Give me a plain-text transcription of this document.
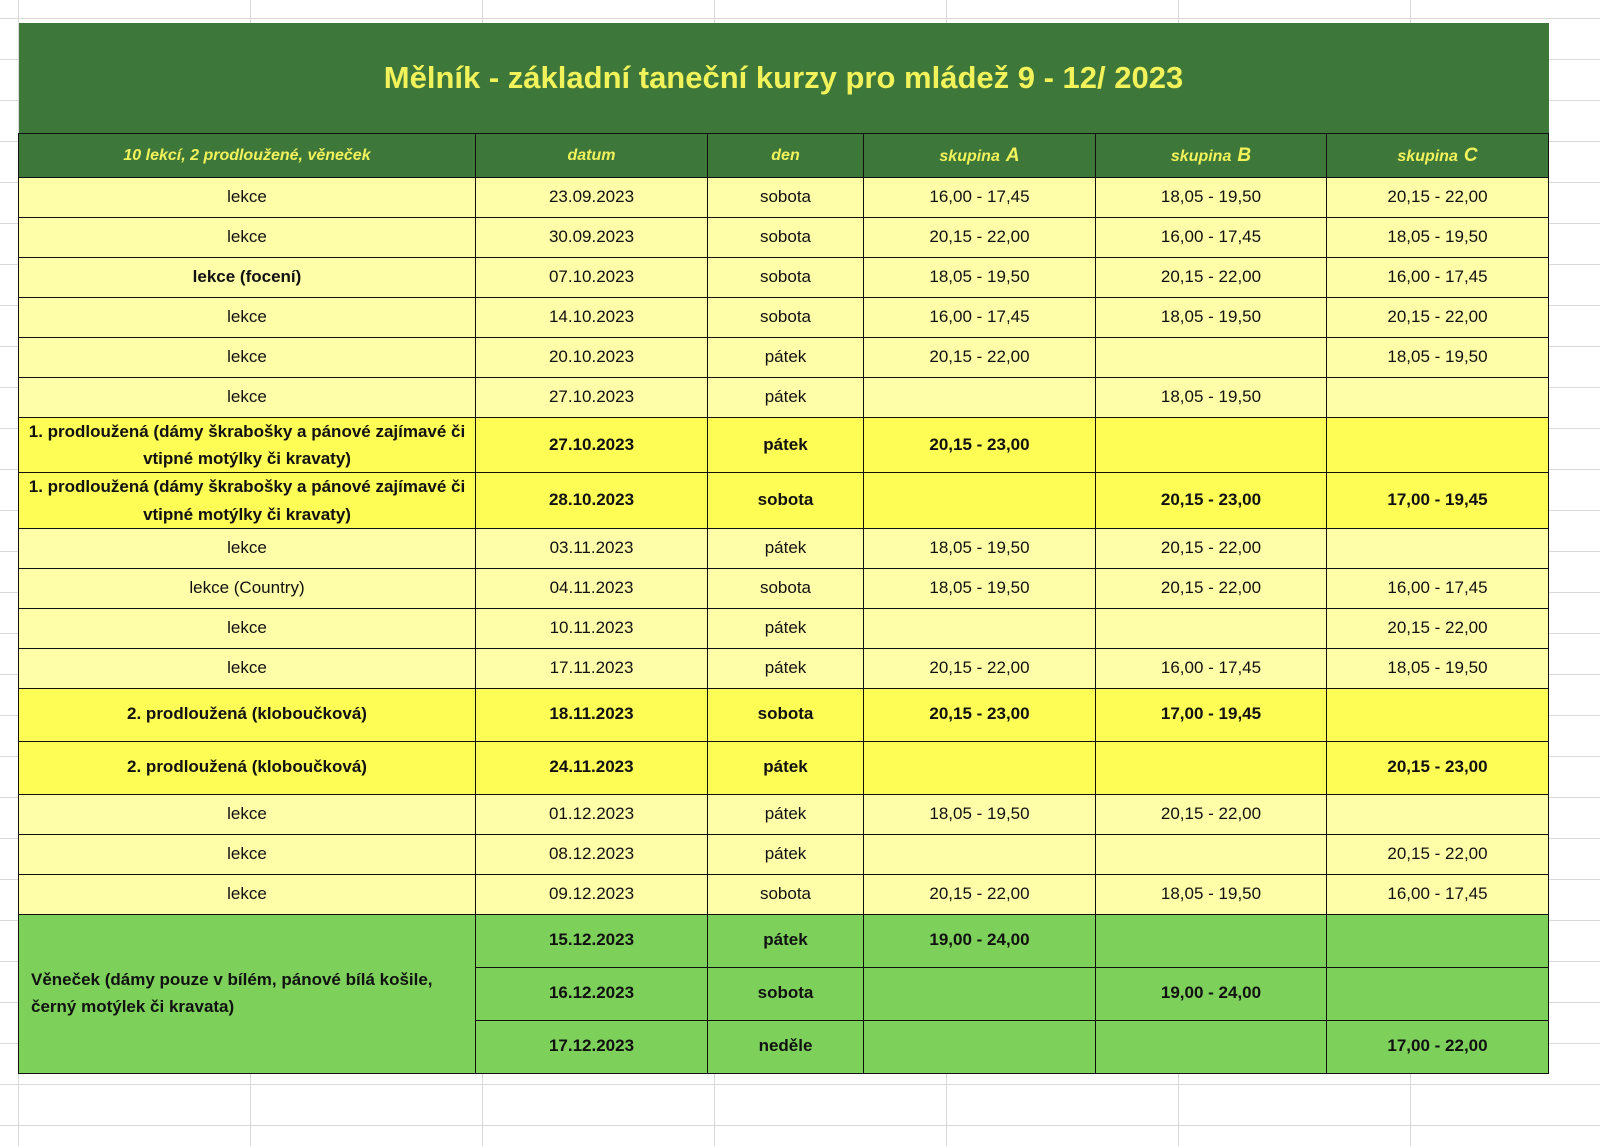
Mělník - základní taneční kurzy pro mládež 9 - 12/ 2023					
10 lekcí, 2 prodloužené, věneček	datum	den	skupina A	skupina B	skupina C
lekce	23.09.2023	sobota	16,00 - 17,45	18,05 - 19,50	20,15 - 22,00
lekce	30.09.2023	sobota	20,15 - 22,00	16,00 - 17,45	18,05 - 19,50
lekce (focení)	07.10.2023	sobota	18,05 - 19,50	20,15 - 22,00	16,00 - 17,45
lekce	14.10.2023	sobota	16,00 - 17,45	18,05 - 19,50	20,15 - 22,00
lekce	20.10.2023	pátek	20,15 - 22,00		18,05 - 19,50
lekce	27.10.2023	pátek		18,05 - 19,50	
1. prodloužená (dámy škrabošky a pánové zajímavé či vtipné motýlky či kravaty)	27.10.2023	pátek	20,15 - 23,00		
1. prodloužená (dámy škrabošky a pánové zajímavé či vtipné motýlky či kravaty)	28.10.2023	sobota		20,15 - 23,00	17,00 - 19,45
lekce	03.11.2023	pátek	18,05 - 19,50	20,15 - 22,00	
lekce (Country)	04.11.2023	sobota	18,05 - 19,50	20,15 - 22,00	16,00 - 17,45
lekce	10.11.2023	pátek			20,15 - 22,00
lekce	17.11.2023	pátek	20,15 - 22,00	16,00 - 17,45	18,05 - 19,50
2. prodloužená (kloboučková)	18.11.2023	sobota	20,15 - 23,00	17,00 - 19,45	
2. prodloužená (kloboučková)	24.11.2023	pátek			20,15 - 23,00
lekce	01.12.2023	pátek	18,05 - 19,50	20,15 - 22,00	
lekce	08.12.2023	pátek			20,15 - 22,00
lekce	09.12.2023	sobota	20,15 - 22,00	18,05 - 19,50	16,00 - 17,45
Věneček (dámy pouze v bílém, pánové bílá košile, černý motýlek či kravata)	15.12.2023	pátek	19,00 - 24,00		
	16.12.2023	sobota		19,00 - 24,00	
	17.12.2023	neděle			17,00 - 22,00
